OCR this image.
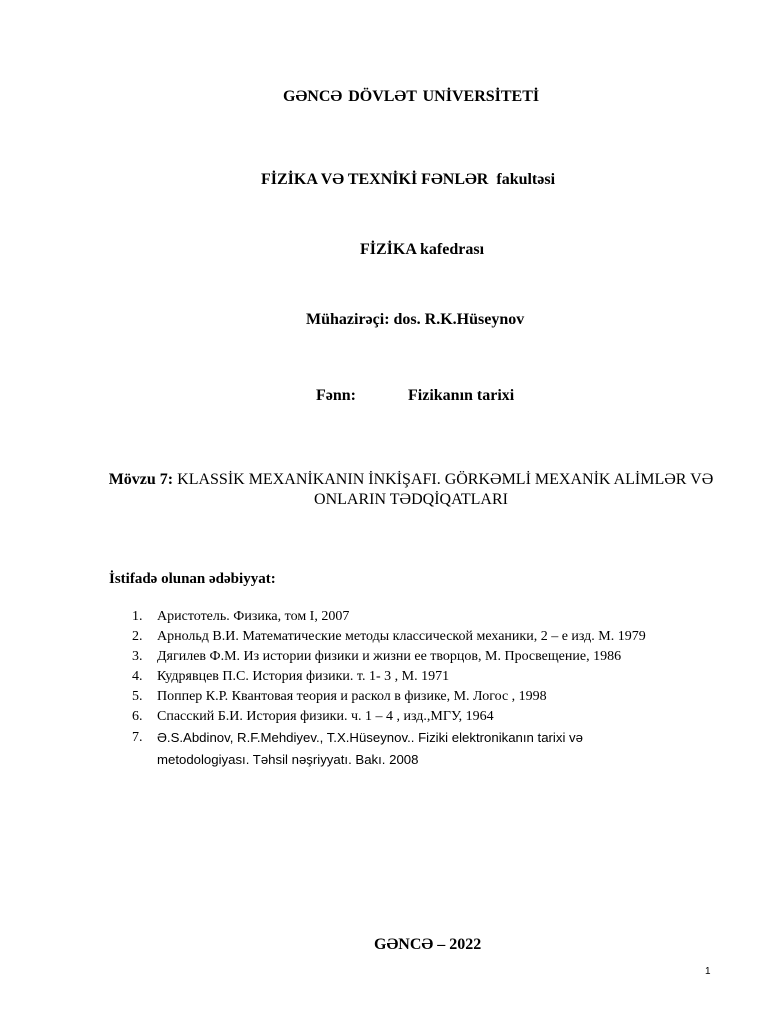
GƏNCƏ DÖVLƏT UNİVERSİTETİ
FİZİKA VƏ TEXNİKİ FƏNLƏR fakultəsi
FİZİKA kafedrası
Mühazirəçi: dos. R.K.Hüseynov
Fənn:	Fizikanın tarixi
Mövzu 7: KLASSİK MEXANİKANIN İNKİŞAFI. GÖRKƏMLİ MEXANİK ALİMLƏR VƏ ONLARIN TƏDQİQATLARI
İstifadə olunan ədəbiyyat:
1. Аристотель. Физика, том I, 2007
2. Арнольд В.И. Математические методы классической механики, 2 – е изд. М. 1979
3. Дягилев Ф.М. Из истории физики и жизни ее творцов, М. Просвещение, 1986
4. Кудрявцев П.С. История физики. т. 1- 3 , М. 1971
5. Поппер К.Р. Квантовая теория и раскол в физике, М. Логос , 1998
6. Спасский Б.И. История физики. ч. 1 – 4 , изд.,МГУ, 1964
7. Ə.S.Abdinov, R.F.Mehdiyev., T.X.Hüseynov.. Fiziki elektronikanın tarixi və metodologiyası. Təhsil nəşriyyatı. Bakı. 2008
GƏNCƏ – 2022
1
